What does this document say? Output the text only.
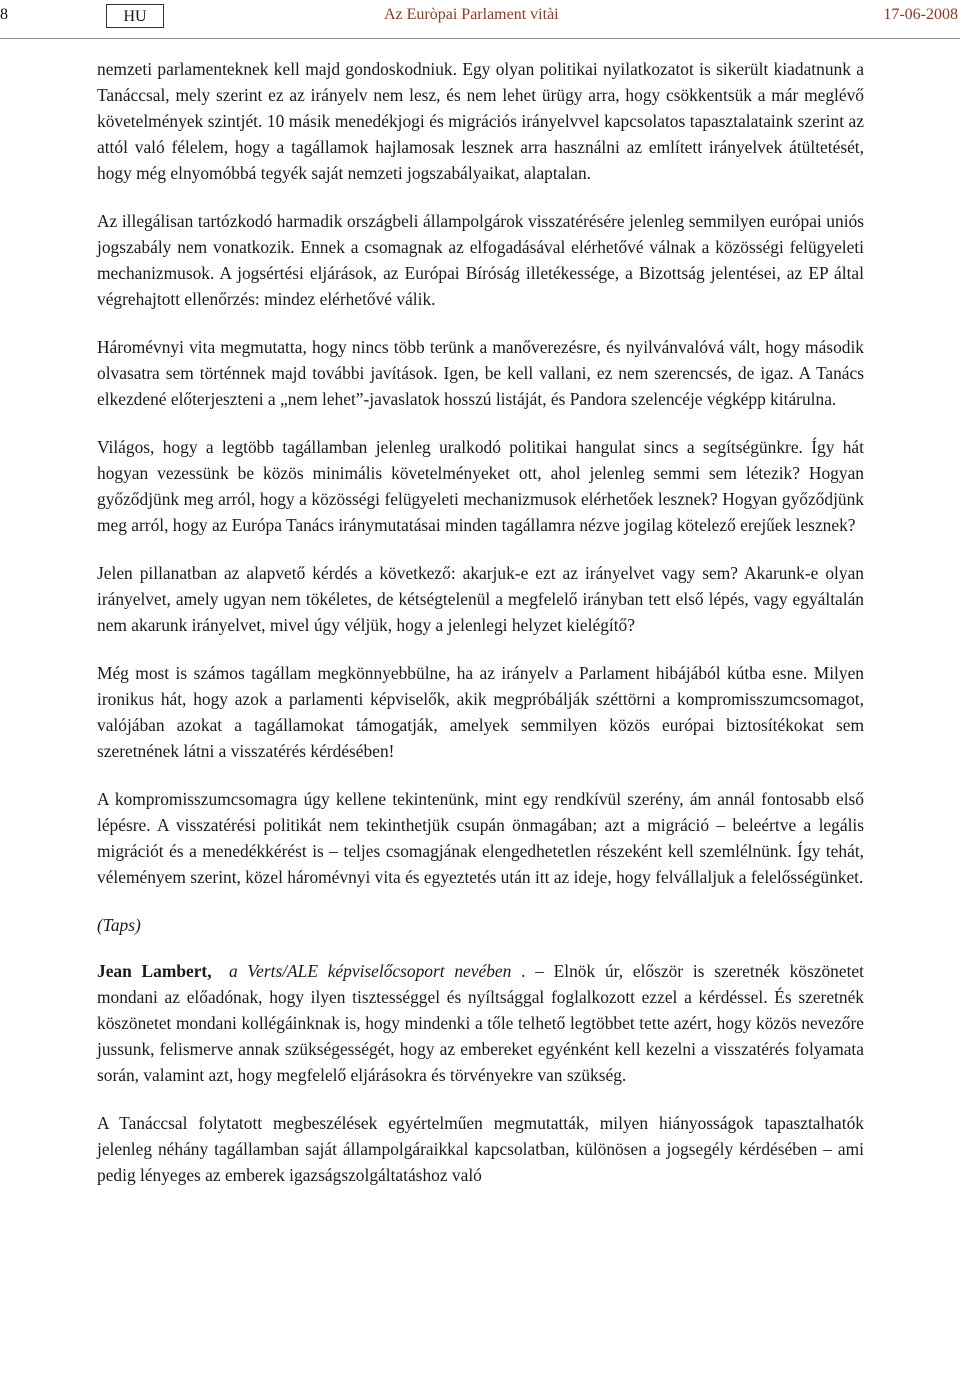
8	HU	Az Euròpai Parlament vitài	17-06-2008

nemzeti parlamenteknek kell majd gondoskodniuk. Egy olyan politikai nyilatkozatot is sikerült kiadatnunk a Tanáccsal, mely szerint ez az irányelv nem lesz, és nem lehet ürügy arra, hogy csökkentsük a már meglévő követelmények szintjét. 10 másik menedékjogi és migrációs irányelvvel kapcsolatos tapasztalataink szerint az attól való félelem, hogy a tagállamok hajlamosak lesznek arra használni az említett irányelvek átültetését, hogy még elnyomóbbá tegyék saját nemzeti jogszabályaikat, alaptalan.

Az illegálisan tartózkodó harmadik országbeli állampolgárok visszatérésére jelenleg semmilyen európai uniós jogszabály nem vonatkozik. Ennek a csomagnak az elfogadásával elérhetővé válnak a közösségi felügyeleti mechanizmusok. A jogsértési eljárások, az Európai Bíróság illetékessége, a Bizottság jelentései, az EP által végrehajtott ellenőrzés: mindez elérhetővé válik.

Háromévnyi vita megmutatta, hogy nincs több terünk a manőverezésre, és nyilvánvalóvá vált, hogy második olvasatra sem történnek majd további javítások. Igen, be kell vallani, ez nem szerencsés, de igaz. A Tanács elkezdené előterjeszteni a „nem lehet”-javaslatok hosszú listáját, és Pandora szelencéje végképp kitárulna.

Világos, hogy a legtöbb tagállamban jelenleg uralkodó politikai hangulat sincs a segítségünkre. Így hát hogyan vezessünk be közös minimális követelményeket ott, ahol jelenleg semmi sem létezik? Hogyan győződjünk meg arról, hogy a közösségi felügyeleti mechanizmusok elérhetőek lesznek? Hogyan győződjünk meg arról, hogy az Európa Tanács iránymutatásai minden tagállamra nézve jogilag kötelező erejűek lesznek?

Jelen pillanatban az alapvető kérdés a következő: akarjuk-e ezt az irányelvet vagy sem? Akarunk-e olyan irányelvet, amely ugyan nem tökéletes, de kétségtelenül a megfelelő irányban tett első lépés, vagy egyáltalán nem akarunk irányelvet, mivel úgy véljük, hogy a jelenlegi helyzet kielégítő?

Még most is számos tagállam megkönnyebbülne, ha az irányelv a Parlament hibájából kútba esne. Milyen ironikus hát, hogy azok a parlamenti képviselők, akik megpróbálják széttörni a kompromisszumcsomagot, valójában azokat a tagállamokat támogatják, amelyek semmilyen közös európai biztosítékokat sem szeretnének látni a visszatérés kérdésében!

A kompromisszumcsomagra úgy kellene tekintenünk, mint egy rendkívül szerény, ám annál fontosabb első lépésre. A visszatérési politikát nem tekinthetjük csupán önmagában; azt a migráció – beleértve a legális migrációt és a menedékkérést is – teljes csomagjának elengedhetetlen részeként kell szemlélnünk. Így tehát, véleményem szerint, közel háromévnyi vita és egyeztetés után itt az ideje, hogy felvállaljuk a felelősségünket.

(Taps)

Jean Lambert,  a Verts/ALE képviselőcsoport nevében . – Elnök úr, először is szeretnék köszönetet mondani az előadónak, hogy ilyen tisztességgel és nyíltsággal foglalkozott ezzel a kérdéssel. És szeretnék köszönetet mondani kollégáinknak is, hogy mindenki a tőle telhető legtöbbet tette azért, hogy közös nevezőre jussunk, felismerve annak szükségességét, hogy az embereket egyénként kell kezelni a visszatérés folyamata során, valamint azt, hogy megfelelő eljárásokra és törvényekre van szükség.

A Tanáccsal folytatott megbeszélések egyértelműen megmutatták, milyen hiányosságok tapasztalhatók jelenleg néhány tagállamban saját állampolgáraikkal kapcsolatban, különösen a jogsegély kérdésében – ami pedig lényeges az emberek igazságszolgáltatáshoz való
